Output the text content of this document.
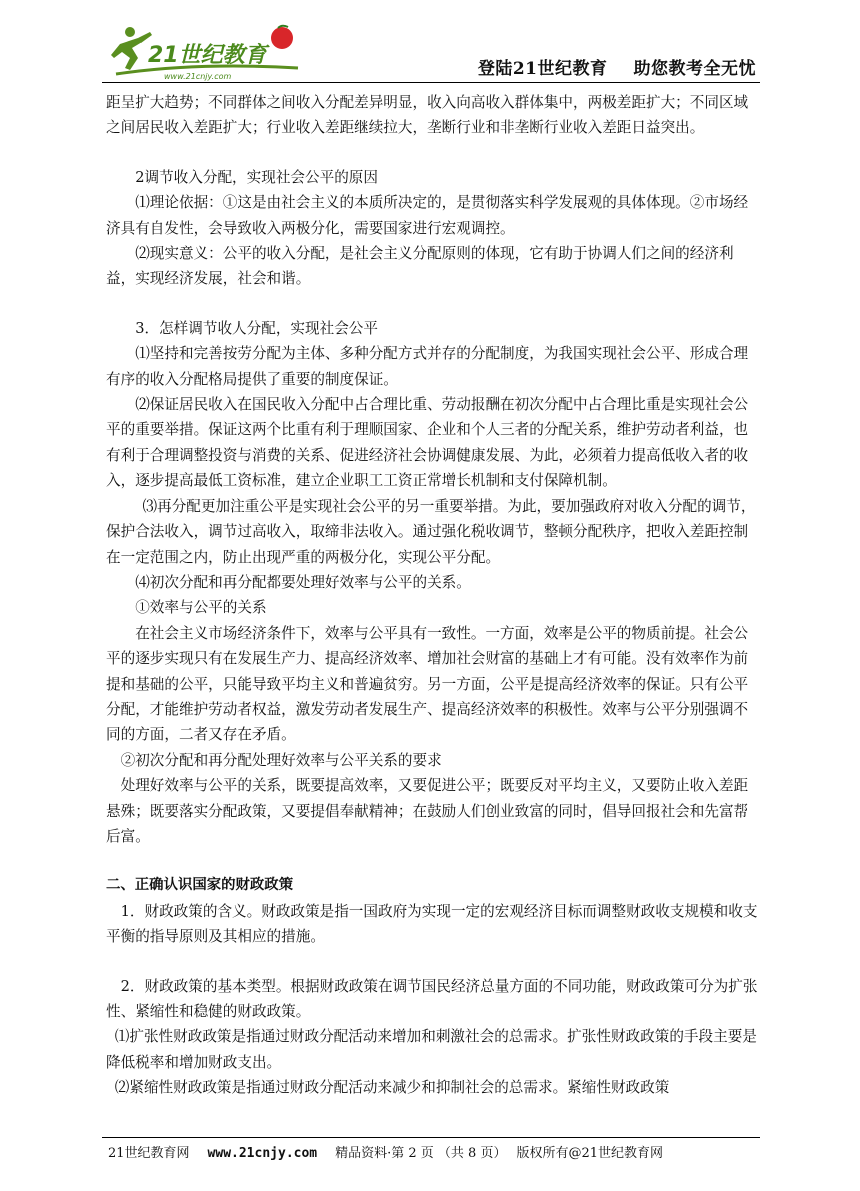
21世纪教育
www.21cnjy.com	登陆21世纪教育 助您教考全无忧

距呈扩大趋势；不同群体之间收入分配差异明显，收入向高收入群体集中，两极差距扩大；不同区域之间居民收入差距扩大；行业收入差距继续拉大，垄断行业和非垄断行业收入差距日益突出。

2调节收入分配，实现社会公平的原因

⑴理论依据：①这是由社会主义的本质所决定的，是贯彻落实科学发展观的具体体现。②市场经济具有自发性，会导致收入两极分化，需要国家进行宏观调控。

⑵现实意义：公平的收入分配，是社会主义分配原则的体现，它有助于协调人们之间的经济利益，实现经济发展，社会和谐。

3．怎样调节收人分配，实现社会公平

⑴坚持和完善按劳分配为主体、多种分配方式并存的分配制度，为我国实现社会公平、形成合理有序的收入分配格局提供了重要的制度保证。

⑵保证居民收入在国民收入分配中占合理比重、劳动报酬在初次分配中占合理比重是实现社会公平的重要举措。保证这两个比重有利于理顺国家、企业和个人三者的分配关系，维护劳动者利益，也有利于合理调整投资与消费的关系、促进经济社会协调健康发展、为此，必须着力提高低收入者的收入，逐步提高最低工资标准，建立企业职工工资正常增长机制和支付保障机制。

⑶再分配更加注重公平是实现社会公平的另一重要举措。为此，要加强政府对收入分配的调节，保护合法收入，调节过高收入，取缔非法收入。通过强化税收调节，整顿分配秩序，把收入差距控制在一定范围之内，防止出现严重的两极分化，实现公平分配。

⑷初次分配和再分配都要处理好效率与公平的关系。

①效率与公平的关系

在社会主义市场经济条件下，效率与公平具有一致性。一方面，效率是公平的物质前提。社会公平的逐步实现只有在发展生产力、提高经济效率、增加社会财富的基础上才有可能。没有效率作为前提和基础的公平，只能导致平均主义和普遍贫穷。另一方面，公平是提高经济效率的保证。只有公平分配，才能维护劳动者权益，激发劳动者发展生产、提高经济效率的积极性。效率与公平分别强调不同的方面，二者又存在矛盾。

②初次分配和再分配处理好效率与公平关系的要求

处理好效率与公平的关系，既要提高效率，又要促进公平；既要反对平均主义，又要防止收入差距悬殊；既要落实分配政策，又要提倡奉献精神；在鼓励人们创业致富的同时，倡导回报社会和先富帮后富。

二、正确认识国家的财政政策

1．财政政策的含义。财政政策是指一国政府为实现一定的宏观经济目标而调整财政收支规模和收支平衡的指导原则及其相应的措施。

2．财政政策的基本类型。根据财政政策在调节国民经济总量方面的不同功能，财政政策可分为扩张性、紧缩性和稳健的财政政策。

⑴扩张性财政政策是指通过财政分配活动来增加和刺激社会的总需求。扩张性财政政策的手段主要是降低税率和增加财政支出。

⑵紧缩性财政政策是指通过财政分配活动来减少和抑制社会的总需求。紧缩性财政政策

21世纪教育网 www.21cnjy.com 精品资料·第 2 页 （共 8 页） 版权所有@21世纪教育网
